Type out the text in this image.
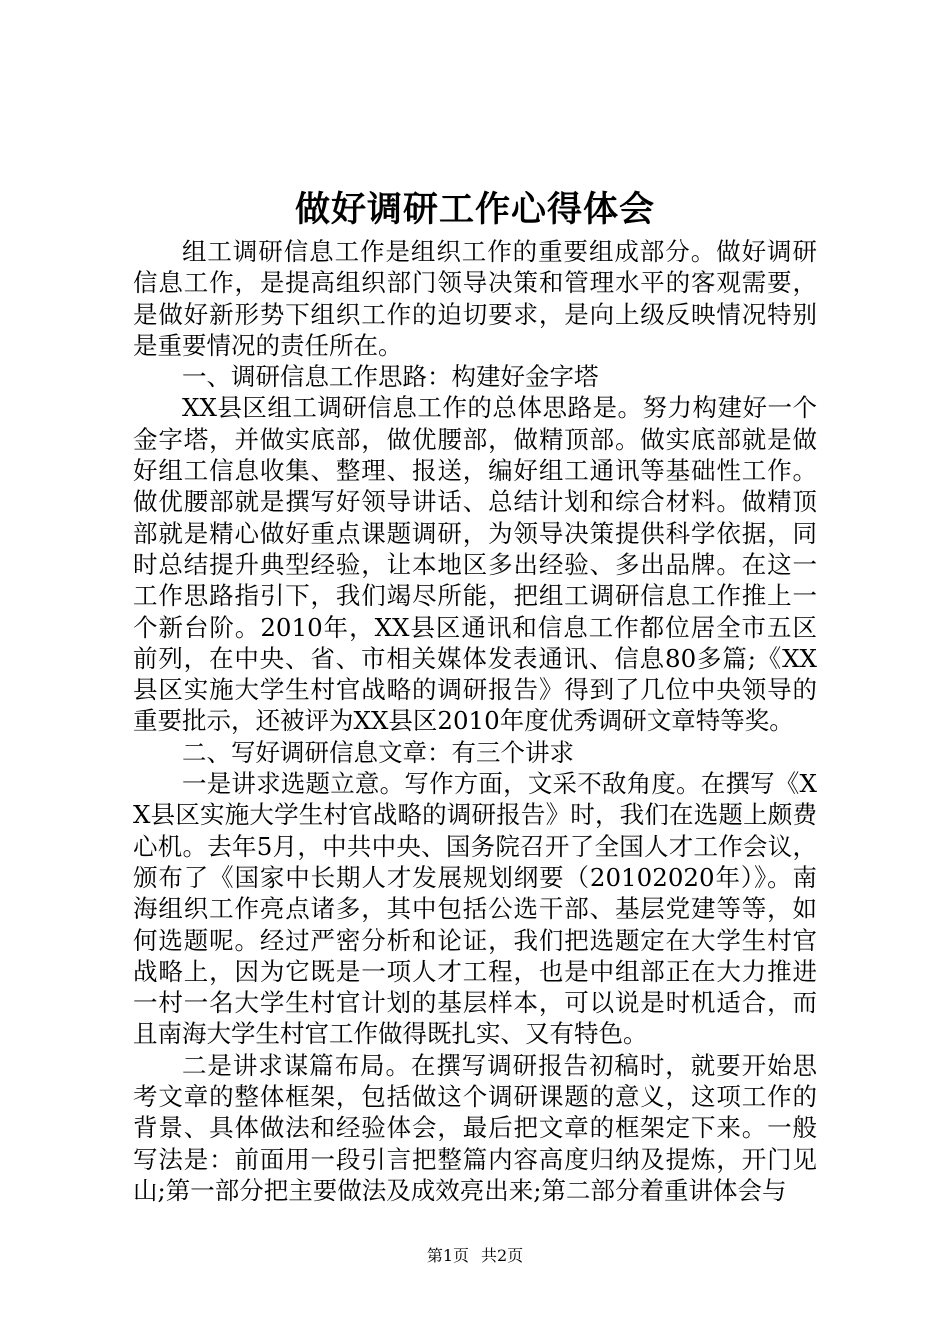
做好调研工作心得体会

组工调研信息工作是组织工作的重要组成部分。做好调研信息工作，是提高组织部门领导决策和管理水平的客观需要，是做好新形势下组织工作的迫切要求，是向上级反映情况特别是重要情况的责任所在。

一、调研信息工作思路：构建好金字塔

XX县区组工调研信息工作的总体思路是。努力构建好一个金字塔，并做实底部，做优腰部，做精顶部。做实底部就是做好组工信息收集、整理、报送，编好组工通讯等基础性工作。做优腰部就是撰写好领导讲话、总结计划和综合材料。做精顶部就是精心做好重点课题调研，为领导决策提供科学依据，同时总结提升典型经验，让本地区多出经验、多出品牌。在这一工作思路指引下，我们竭尽所能，把组工调研信息工作推上一个新台阶。2010年，XX县区通讯和信息工作都位居全市五区前列，在中央、省、市相关媒体发表通讯、信息80多篇;《XX县区实施大学生村官战略的调研报告》得到了几位中央领导的重要批示，还被评为XX县区2010年度优秀调研文章特等奖。

二、写好调研信息文章：有三个讲求

一是讲求选题立意。写作方面，文采不敌角度。在撰写《XX县区实施大学生村官战略的调研报告》时，我们在选题上颇费心机。去年5月，中共中央、国务院召开了全国人才工作会议，颁布了《国家中长期人才发展规划纲要（20102020年）》。南海组织工作亮点诸多，其中包括公选干部、基层党建等等，如何选题呢。经过严密分析和论证，我们把选题定在大学生村官战略上，因为它既是一项人才工程，也是中组部正在大力推进一村一名大学生村官计划的基层样本，可以说是时机适合，而且南海大学生村官工作做得既扎实、又有特色。

二是讲求谋篇布局。在撰写调研报告初稿时，就要开始思考文章的整体框架，包括做这个调研课题的意义，这项工作的背景、具体做法和经验体会，最后把文章的框架定下来。一般写法是：前面用一段引言把整篇内容高度归纳及提炼，开门见山;第一部分把主要做法及成效亮出来;第二部分着重讲体会与

第1页 共2页
